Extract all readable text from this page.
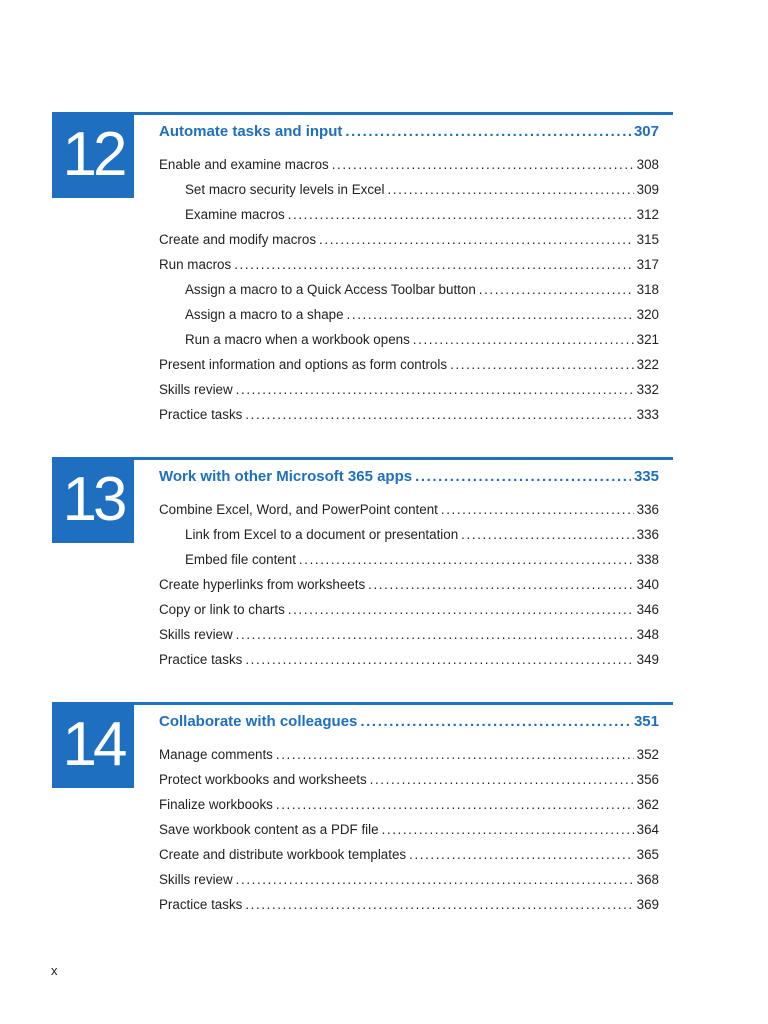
12	Automate tasks and input .....	307
Enable and examine macros .....	308
Set macro security levels in Excel .....	309
Examine macros .....	312
Create and modify macros .....	315
Run macros .....	317
Assign a macro to a Quick Access Toolbar button .....	318
Assign a macro to a shape .....	320
Run a macro when a workbook opens .....	321
Present information and options as form controls .....	322
Skills review .....	332
Practice tasks .....	333
13	Work with other Microsoft 365 apps .....	335
Combine Excel, Word, and PowerPoint content .....	336
Link from Excel to a document or presentation .....	336
Embed file content .....	338
Create hyperlinks from worksheets .....	340
Copy or link to charts .....	346
Skills review .....	348
Practice tasks .....	349
14	Collaborate with colleagues .....	351
Manage comments .....	352
Protect workbooks and worksheets .....	356
Finalize workbooks .....	362
Save workbook content as a PDF file .....	364
Create and distribute workbook templates .....	365
Skills review .....	368
Practice tasks .....	369
x
